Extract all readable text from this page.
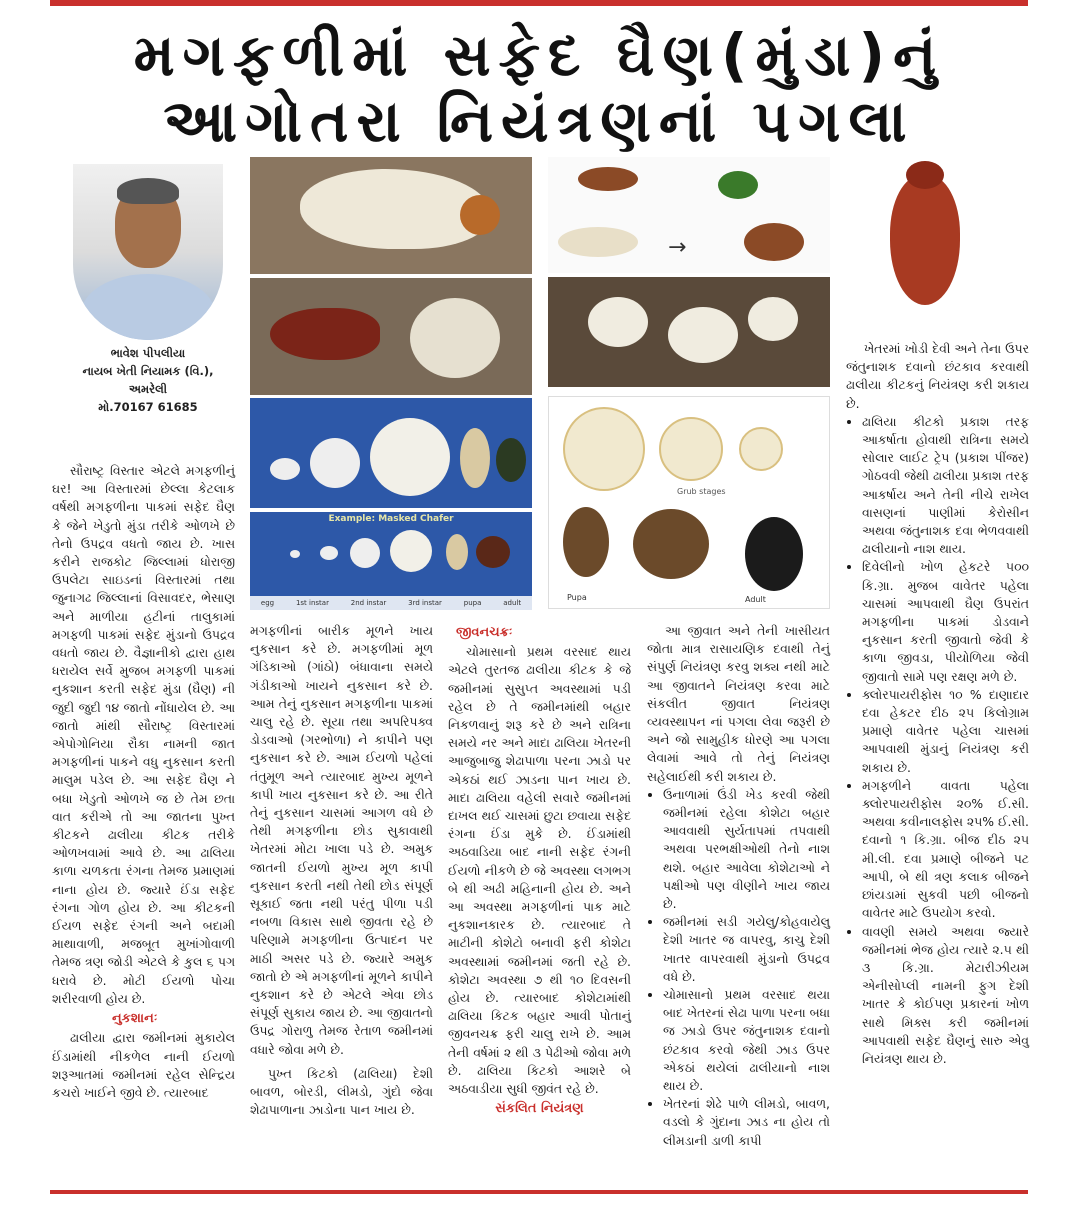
મગફળીમાં સફેદ ઘૈણ(મુંડા)નું
આગોતરા નિયંત્રણનાં પગલા
ભાવેશ પીપલીયા
નાયબ ખેતી નિયામક (વિ.),
અમરેલી
મો.70167 61685
Example: Masked Chafer
egg	1st instar	2nd instar	3rd instar	pupa	adult
→
Grub stages
Pupa	Adult

સૌરાષ્ટ્ર વિસ્તાર એટલે મગફળીનું ઘર! આ વિસ્તારમાં છેલ્લા કેટલાક વર્ષથી મગફળીના પાકમાં સફેદ ઘૈણ કે જેને ખેડુતો મુંડા તરીકે ઓળખે છે તેનો ઉપદ્રવ વધતો જાય છે. ખાસ કરીને રાજકોટ જિલ્લામાં ધોરાજી ઉપલેટા સાઇડનાં વિસ્તારમાં તથા જુનાગઢ જિલ્લાનાં વિસાવદર, ભેસાણ અને માળીયા હટીનાં તાલુકામાં મગફળી પાકમાં સફેદ મુંડાનો ઉપદ્રવ વધતો જાય છે. વૈજ્ઞાનીકો દ્વારા હાથ ધરાયેલ સર્વે મુજબ મગફળી પાકમાં નુકશાન કરતી સફેદ મુંડા (ઘૈણ) ની જુદી જુદી ૧૪ જાતો નોંધાયેલ છે. આ જાતો માંથી સૌરાષ્ટ્ર વિસ્તારમાં એપોગોનિયા રૌકા નામની જાત મગફળીનાં પાકને વધુ નુકસાન કરતી માલુમ પડેલ છે. આ સફેદ ઘૈણ ને બધા ખેડુતો ઓળખે જ છે તેમ છતા વાત કરીએ તો આ જાતના પુખ્ત કીટકને ઢાલીયા કીટક તરીકે ઓળખવામાં આવે છે. આ ઢાલિયા કાળા ચળકતા રંગના તેમજ પ્રમાણમાં નાના હોય છે. જ્યારે ઈંડા સફેદ રંગના ગોળ હોય છે. આ કીટકની ઈયળ સફેદ રંગની અને બદામી માથાવાળી, મજબૂત મુખાંગોવાળી તેમજ ત્રણ જોડી એટલે કે કુલ ૬ પગ ધરાવે છે. મોટી ઈયળો પોચા શરીરવાળી હોય છે.

નુકશાનઃ

ઢાલીયા દ્વારા જમીનમાં મુકાયેલ ઈંડામાંથી નીકળેલ નાની ઈયળો શરૂઆતમાં જમીનમાં રહેલ સેન્દ્રિય કચરો ખાઈને જીવે છે. ત્યારબાદ

મગફળીનાં બારીક મૂળને ખાય નુકસાન કરે છે. મગફળીમાં મૂળ ગંડિકાઓ (ગાંઠો) બંધાવાના સમયે ગંડીકાઓ ખાયને નુકસાન કરે છે. આમ તેનું નુકસાન મગફળીના પાકમાં ચાલુ રહે છે. સૂયા તથા અપરિપક્વ ડોડવાઓ (ગરભોળા) ને કાપીને પણ નુકસાન કરે છે. આમ ઈયળો પહેલાં તંતુમૂળ અને ત્યારબાદ મુખ્ય મૂળને કાપી ખાય નુકસાન કરે છે. આ રીતે તેનું નુકસાન ચાસમાં આગળ વધે છે તેથી મગફળીના છોડ સુકાવાથી ખેતરમાં મોટા ખાલા પડે છે. અમુક જાતની ઈયળો મુખ્ય મૂળ કાપી નુકસાન કરતી નથી તેથી છોડ સંપૂર્ણ સૂકાઈ જતા નથી પરંતુ પીળા પડી નબળા વિકાસ સાથે જીવતા રહે છે પરિણામે મગફળીના ઉત્પાદન પર માઠી અસર પડે છે. જ્યારે અમુક જાતો છે એ મગફળીનાં મૂળને કાપીને નુકશાન કરે છે એટલે એવા છોડ સંપૂર્ણ સુકાય જાય છે. આ જીવાતનો ઉપદ્ર ગોરાળુ તેમજ રેતાળ જમીનમાં વધારે જોવા મળે છે.

પુખ્ત કિટકો (ઢાલિયા) દેશી બાવળ, બોરડી, લીમડો, ગુંદો જેવા શેઢાપાળાના ઝાડોના પાન ખાય છે.

જીવનચક્રઃ

ચોમાસાનો પ્રથમ વરસાદ થાય એટલે તુરતજ ઢાલીયા કીટક કે જે જમીનમાં સુસુપ્ત અવસ્થામાં પડી રહેલ છે તે જમીનમાંથી બહાર નિકળવાનું શરૂ કરે છે અને રાત્રિના સમયે નર અને માદા ઢાલિયા ખેતરની આજુબાજુ શેઢાપાળા પરના ઝાડો પર એકઠાં થઈ ઝાડના પાન ખાય છે. માદા ઢાલિયા વહેલી સવારે જમીનમાં દાખલ થઈ ચાસમાં છુટા છવાયા સફેદ રંગના ઈંડા મુકે છે. ઈંડામાંથી અઠવાડિયા બાદ નાની સફેદ રંગની ઈયળો નીકળે છે જે અવસ્થા લગભગ બે થી અઢી મહિનાની હોય છે. અને આ અવસ્થા મગફળીનાં પાક માટે નુકશાનકારક છે. ત્યારબાદ તે માટીની કોશેટો બનાવી ફરી કોશેટા અવસ્થામાં જમીનમાં જતી રહે છે. કોશેટા અવસ્થા ૭ થી ૧૦ દિવસની હોય છે. ત્યારબાદ કોશેટામાંથી ઢાલિયા કિટક બહાર આવી પોતાનું જીવનચક્ર ફરી ચાલુ રાખે છે. આમ તેની વર્ષમાં ૨ થી ૩ પેઢીઓ જોવા મળે છે. ઢાલિયા કિટકો આશરે બે અઠવાડીયા સુધી જીવંત રહે છે.

સંકલિત નિયંત્રણ

આ જીવાત અને તેની ખાસીયત જોતા માત્ર રાસાયણિક દવાથી તેનું સંપુર્ણ નિયંત્રણ કરવુ શક્ય નથી માટે આ જીવાતને નિયંત્રણ કરવા માટે સંકલીત જીવાત નિયંત્રણ વ્યવસ્થાપન નાં પગલા લેવા જરૂરી છે અને જો સામુહીક ધોરણે આ પગલા લેવામાં આવે તો તેનું નિયંત્રણ સહેલાઈથી કરી શકાય છે.

• ઉનાળામાં ઉંડી ખેડ કરવી જેથી જમીનમાં રહેલા કોશેટા બહાર આવવાથી સુર્યતાપમાં તપવાથી અથવા પરભક્ષીઓથી તેનો નાશ થશે. બહાર આવેલા કોશેટાઓ ને પક્ષીઓ પણ વીણીને ખાય જાય છે.
• જમીનમાં સડી ગયેલુ/કોહવાયેલુ દેશી ખાતર જ વાપરવુ, કાચુ દેશી ખાતર વાપરવાથી મુંડાનો ઉપદ્રવ વધે છે.
• ચોમાસાનો પ્રથમ વરસાદ થયા બાદ ખેતરનાં સેઢા પાળા પરના બધા જ ઝાડો ઉપર જંતુનાશક દવાનો છંટકાવ કરવો જેથી ઝાડ ઉપર એકઠાં થયેલાં ઢાલીયાનો નાશ થાય છે.
• ખેતરનાં શેઢે પાળે લીમડો, બાવળ, વડલો કે ગુંદાના ઝાડ ના હોય તો લીમડાની ડાળી કાપી

ખેતરમાં ખોડી દેવી અને તેના ઉપર જંતુનાશક દવાનો છંટકાવ કરવાથી ઢાલીયા કીટકનું નિયંત્રણ કરી શકાય છે.

• ઢાલિયા કીટકો પ્રકાશ તરફ આકર્ષાતા હોવાથી રાત્રિના સમયે સોલાર લાઈટ ટ્રેપ (પ્રકાશ પીંજર) ગોઠવવી જેથી ઢાલીયા પ્રકાશ તરફ આકર્ષાય અને તેની નીચે રાખેલ વાસણનાં પાણીમાં કેરોસીન અથવા જંતુનાશક દવા ભેળવવાથી ઢાલીયાનો નાશ થાય.
• દિવેલીનો ખોળ હેકટરે ૫૦૦ કિ.ગ્રા. મુજબ વાવેતર પહેલા ચાસમાં આપવાથી ઘૈણ ઉપરાંત મગફળીના પાકમાં ડોડવાને નુકસાન કરતી જીવાતો જેવી કે કાળા જીવડા, પીયોળિયા જેવી જીવાતો સામે પણ રક્ષણ મળે છે.
• ક્લોરપાયરીફોસ ૧૦ % દાણાદાર દવા હેકટર દીઠ ૨૫ કિલોગ્રામ પ્રમાણે વાવેતર પહેલા ચાસમાં આપવાથી મુંડાનું નિયંત્રણ કરી શકાય છે.
• મગફળીને વાવતા પહેલા ક્લોરપાયરીફોસ ૨૦% ઈ.સી. અથવા કવીનાલફોસ ૨૫% ઈ.સી. દવાનો ૧ કિ.ગ્રા. બીજ દીઠ ૨૫ મી.લી. દવા પ્રમાણે બીજને પટ આપી, બે થી ત્રણ કલાક બીજને છાંયડામાં સુકવી પછી બીજનો વાવેતર માટે ઉપયોગ કરવો.
• વાવણી સમયે અથવા જ્યારે જમીનમાં ભેજ હોય ત્યારે ૨.૫ થી ૩ કિ.ગ્રા. મેટારીઝીયમ એનીસોપ્લી નામની ફુગ દેશી ખાતર કે કોઈપણ પ્રકારનાં ખોળ સાથે મિક્સ કરી જમીનમાં આપવાથી સફેદ ઘૈણનું સારુ એવુ નિયંત્રણ થાય છે.
